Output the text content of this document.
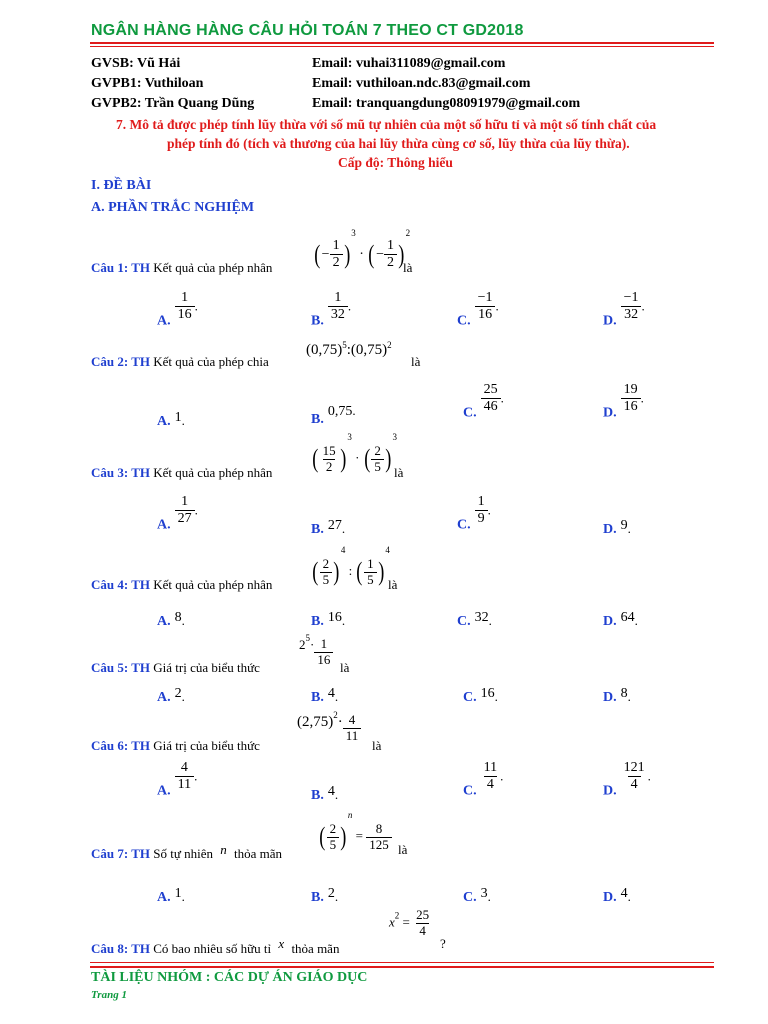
NGÂN HÀNG HÀNG CÂU HỎI TOÁN 7 THEO CT GD2018
GVSB: Vũ Hải	Email: vuhai311089@gmail.com
GVPB1: Vuthiloan	Email: vuthiloan.ndc.83@gmail.com
GVPB2: Trần Quang Dũng	Email: tranquangdung08091979@gmail.com
7. Mô tả được phép tính lũy thừa với số mũ tự nhiên của một số hữu tỉ và một số tính chất của
phép tính đó (tích và thương của hai lũy thừa cùng cơ số, lũy thừa của lũy thừa).
Cấp độ: Thông hiểu
I. ĐỀ BÀI
A. PHẦN TRẮC NGHIỆM
Câu 1: TH Kết quả của phép nhân (− $\frac{1}{2} )^3$ · (− $\frac{1}{2} )^2$
là
A. $\frac{1}{16}$ .
B. $\frac{1}{32}$ .
C. $\frac{-1}{16}$ .
D. $\frac{-1}{32}$ .
Câu 2: TH Kết quả của phép chia
$(0,75)^5:(0,75)^2$
là
A. 1.	B. 0,75.	C. $\frac{25}{46}$ .
D. $\frac{19}{16}$ .
Câu 3: TH Kết quả của phép nhân ( $\frac{15}{2} )^3$ · ( $\frac{2}{5} )^3$
là
A. $\frac{1}{27}$ .
B. 27.	C. $\frac{1}{9}$ .
D. 9.
Câu 4: TH Kết quả của phép nhân ( $\frac{2}{5} )^4$ : ( $\frac{1}{5} )^4$
là
A. 8.	B. 16.	C. 32.	D. 64.
Câu 5: TH Giá trị của biểu thức
$2^5\cdot \frac{1}{16}$
là
A. 2.	B. 4.	C. 16.	D. 8.
Câu 6: TH Giá trị của biểu thức
$(2,75)^2\cdot \frac{4}{11}$
là
A. $\frac{4}{11}$ .
B. 4.	C. $\frac{11}{4}$ .
D. $\frac{121}{4}$ .
Câu 7: TH Số tự nhiên n thỏa mãn
( $\frac{2}{5} )^n = \frac{8}{125}$ là
A. 1.	B. 2.	C. 3.	D. 4.
Câu 8: TH Có bao nhiêu số hữu tỉ x thỏa mãn
$x^2 = \frac{25}{4}$
?
TÀI LIỆU NHÓM : CÁC DỰ ÁN GIÁO DỤC
Trang 1
